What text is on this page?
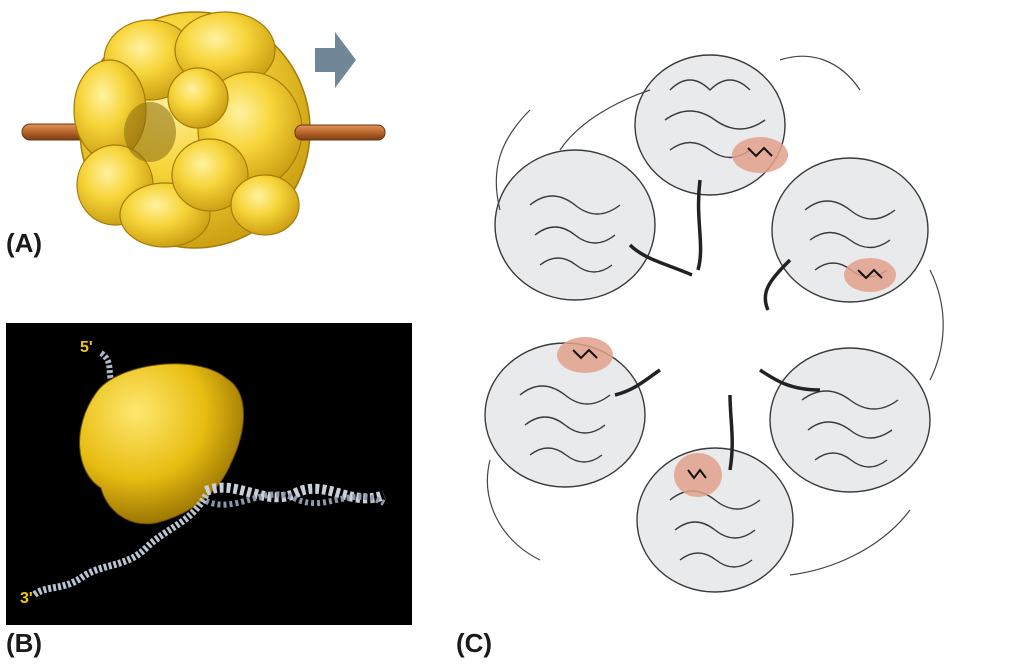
(A)
5'
3'
(B)	(C)
